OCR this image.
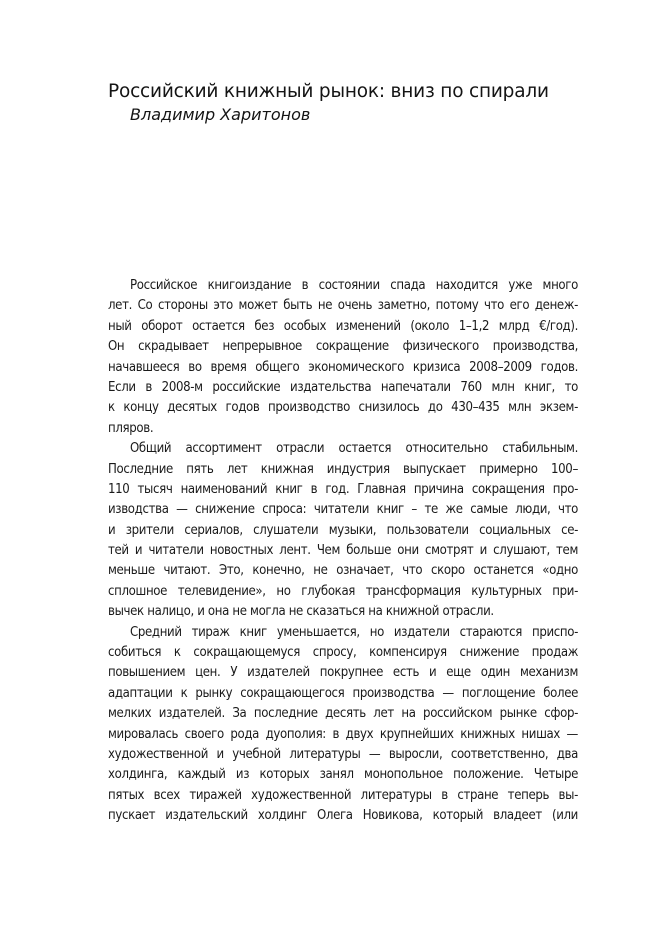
Российский книжный рынок: вниз по спирали

Владимир Харитонов

Российское книгоиздание в состоянии спада находится уже много
лет. Со стороны это может быть не очень заметно, потому что его денеж-
ный оборот остается без особых изменений (около 1–1,2 млрд €/год).
Он скрадывает непрерывное сокращение физического производства,
начавшееся во время общего экономического кризиса 2008–2009 годов.
Если в 2008-м российские издательства напечатали 760 млн книг, то
к концу десятых годов производство снизилось до 430–435 млн экзем-
пляров.
Общий ассортимент отрасли остается относительно стабильным.
Последние пять лет книжная индустрия выпускает примерно 100–
110 тысяч наименований книг в год. Главная причина сокращения про-
изводства — снижение спроса: читатели книг – те же самые люди, что
и зрители сериалов, слушатели музыки, пользователи социальных се-
тей и читатели новостных лент. Чем больше они смотрят и слушают, тем
меньше читают. Это, конечно, не означает, что скоро останется «одно
сплошное телевидение», но глубокая трансформация культурных при-
вычек налицо, и она не могла не сказаться на книжной отрасли.
Средний тираж книг уменьшается, но издатели стараются приспо-
собиться к сокращающемуся спросу, компенсируя снижение продаж
повышением цен. У издателей покрупнее есть и еще один механизм
адаптации к рынку сокращающегося производства — поглощение более
мелких издателей. За последние десять лет на российском рынке сфор-
мировалась своего рода дуополия: в двух крупнейших книжных нишах —
художественной и учебной литературы — выросли, соответственно, два
холдинга, каждый из которых занял монопольное положение. Четыре
пятых всех тиражей художественной литературы в стране теперь вы-
пускает издательский холдинг Олега Новикова, который владеет (или
